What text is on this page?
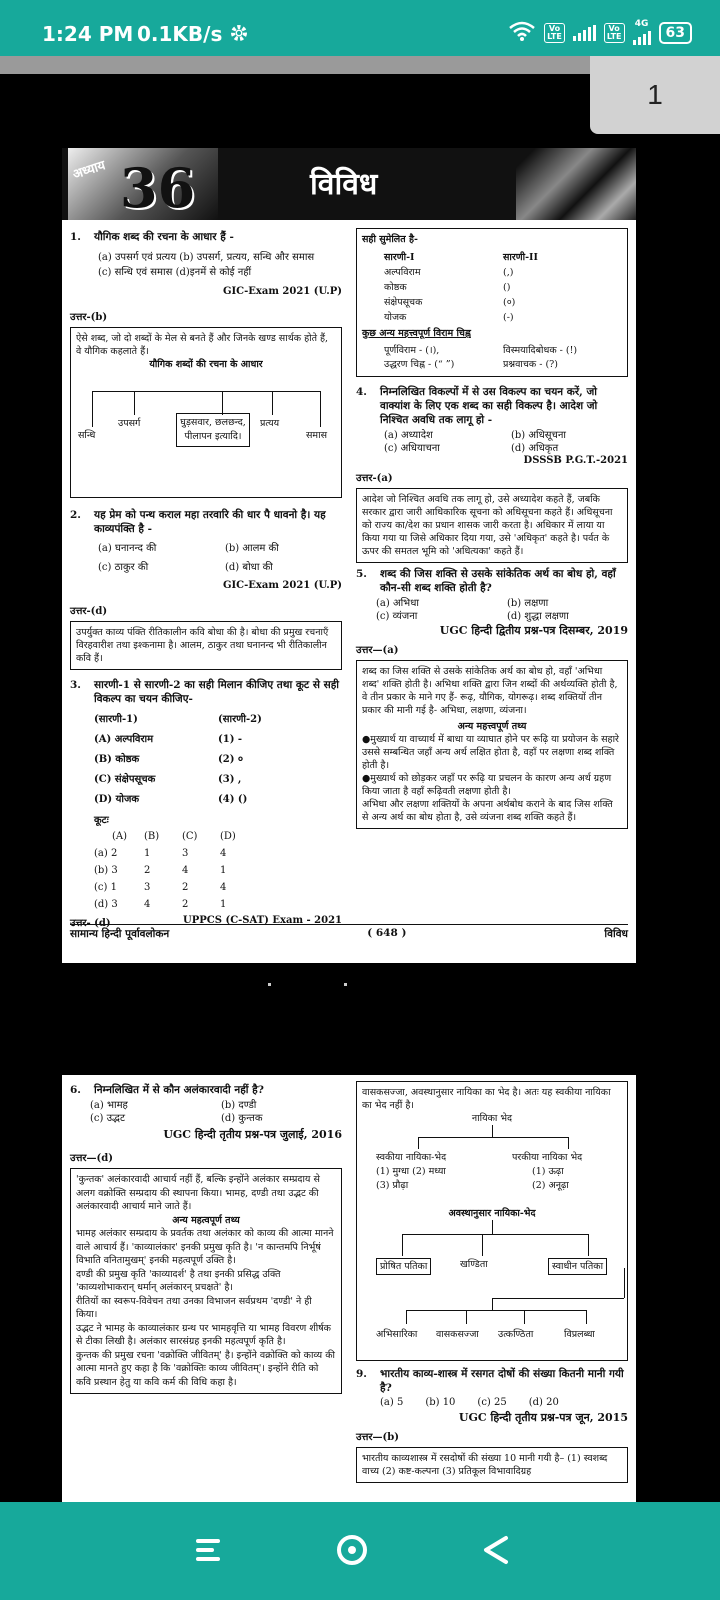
1:24 PM 0.1KB/s	Vo
LTE
Vo
LTE
4G
63
1
अध्याय 36	विविध
1. यौगिक शब्द की रचना के आधार हैं -
(a) उपसर्ग एवं प्रत्यय (b) उपसर्ग, प्रत्यय, सन्धि और समास
(c) सन्धि एवं समास (d)इनमें से कोई नहीं
GIC-Exam 2021 (U.P)
उत्तर-(b)
ऐसे शब्द, जो दो शब्दों के मेल से बनते हैं और जिनके खण्ड सार्थक होते हैं, वे यौगिक कहलाते हैं।
यौगिक शब्दों की रचना के आधार
सन्धि
उपसर्ग	घुड़सवार, छलछन्द, पीलापन इत्यादि।
प्रत्यय
समास
2. यह प्रेम को पन्थ कराल महा तरवारि की धार पै धावनो है। यह काव्यपंक्ति है -
(a) घनानन्द की	(b) आलम की
(c) ठाकुर की	(d) बोधा की
GIC-Exam 2021 (U.P)
उत्तर-(d)
उपर्युक्त काव्य पंक्ति रीतिकालीन कवि बोधा की है। बोधा की प्रमुख रचनाएँ विरहवारीश तथा इश्कनामा है। आलम, ठाकुर तथा घनानन्द भी रीतिकालीन कवि हैं।
3. सारणी-1 से सारणी-2 का सही मिलान कीजिए तथा कूट से सही विकल्प का चयन कीजिए-
(सारणी-1)	(सारणी-2)
(A) अल्पविराम	(1) -
(B) कोष्ठक	(2) ०
(C) संक्षेपसूचक	(3) ,
(D) योजक	(4) ()
कूटः
(A)	(B)	(C)	(D)
(a) 2	1	3	4
(b) 3	2	4	1
(c) 1	3	2	4
(d) 3	4	2	1
उत्तर- (d)	UPPCS (C-SAT) Exam - 2021
सही सुमेलित है-
सारणी-I	सारणी-II
अल्पविराम	(,)
कोष्ठक	()
संक्षेपसूचक	(०)
योजक	(-)
कुछ अन्य महत्त्वपूर्ण विराम चिह्न
पूर्णविराम - (।),	विस्मयादिबोधक - (!)
उद्धरण चिह्न - (“ ”)	प्रश्नवाचक - (?)
4. निम्नलिखित विकल्पों में से उस विकल्प का चयन करें, जो वाक्यांश के लिए एक शब्द का सही विकल्प है। आदेश जो निश्चित अवधि तक लागू हो -
(a) अध्यादेश	(b) अधिसूचना
(c) अधियाचना	(d) अधिकृत
DSSSB P.G.T.-2021
उत्तर-(a)
आदेश जो निश्चित अवधि तक लागू हो, उसे अध्यादेश कहते हैं, जबकि सरकार द्वारा जारी आधिकारिक सूचना को अधिसूचना कहते हैं। अधिसूचना को राज्य का/देश का प्रधान शासक जारी करता है। अधिकार में लाया या किया गया या जिसे अधिकार दिया गया, उसे 'अधिकृत' कहते है। पर्वत के ऊपर की समतल भूमि को 'अधित्यका' कहते हैं।
5. शब्द की जिस शक्ति से उसके सांकेतिक अर्थ का बोध हो, वहाँ कौन-सी शब्द शक्ति होती है?
(a) अभिधा	(b) लक्षणा
(c) व्यंजना	(d) शुद्धा लक्षणा
UGC हिन्दी द्वितीय प्रश्न-पत्र दिसम्बर, 2019
उत्तर—(a)
शब्द का जिस शक्ति से उसके सांकेतिक अर्थ का बोध हो, वहाँ 'अभिधा शब्द' शक्ति होती है। अभिधा शक्ति द्वारा जिन शब्दों की अर्थव्यक्ति होती है, वे तीन प्रकार के माने गए हैं- रूढ़, यौगिक, योगरूढ़। शब्द शक्तियों तीन प्रकार की मानी गई है- अभिधा, लक्षणा, व्यंजना।
अन्य महत्त्वपूर्ण तथ्य
●मुख्यार्थ या वाच्यार्थ में बाधा या व्याघात होने पर रूढ़ि या प्रयोजन के सहारे उससे सम्बन्धित जहाँ अन्य अर्थ लक्षित होता है, वहाँ पर लक्षणा शब्द शक्ति होती है।
●मुख्यार्थ को छोड़कर जहाँ पर रूढ़ि या प्रचलन के कारण अन्य अर्थ ग्रहण किया जाता है वहाँ रूढ़िवती लक्षणा होती है।
अभिधा और लक्षणा शक्तियों के अपना अर्थबोध कराने के बाद जिस शक्ति से अन्य अर्थ का बोध होता है, उसे व्यंजना शब्द शक्ति कहते हैं।
सामान्य हिन्दी पूर्वावलोकन	( 648 )	विविध
6. निम्नलिखित में से कौन अलंकारवादी नहीं है?
(a) भामह	(b) दण्डी
(c) उद्भट	(d) कुन्तक
UGC हिन्दी तृतीय प्रश्न-पत्र जुलाई, 2016
उत्तर—(d)
'कुन्तक' अलंकारवादी आचार्य नहीं हैं, बल्कि इन्होंने अलंकार सम्प्रदाय से अलग वक्रोक्ति सम्प्रदाय की स्थापना किया। भामह, दण्डी तथा उद्भट की अलंकारवादी आचार्य माने जाते हैं।
अन्य महत्वपूर्ण तथ्य
भामह अलंकार सम्प्रदाय के प्रवर्तक तथा अलंकार को काव्य की आत्मा मानने वाले आचार्य हैं। 'काव्यालंकार' इनकी प्रमुख कृति है। 'न कान्तमपि निर्भूषं विभाति वनितामुखम्' इनकी महत्वपूर्ण उक्ति है।
दण्डी की प्रमुख कृति 'काव्यादर्श' है तथा इनकी प्रसिद्ध उक्ति 'काव्यशोभाकरान् धर्मान् अलंकारन् प्रचक्षते' है।
रीतियों का स्वरूप-विवेचन तथा उनका विभाजन सर्वप्रथम 'दण्डी' ने ही किया।
उद्भट ने भामह के काव्यालंकार ग्रन्थ पर भामहवृत्ति या भामह विवरण शीर्षक से टीका लिखी है। अलंकार सारसंग्रह इनकी महत्वपूर्ण कृति है।
कुन्तक की प्रमुख रचना 'वक्रोक्ति जीवितम्' है। इन्होंने वक्रोक्ति को काव्य की आत्मा मानते हुए कहा है कि 'वक्रोक्तिः काव्य जीवितम्'। इन्होंने रीति को कवि प्रस्थान हेतु या कवि कर्म की विधि कहा है।
वासकसज्जा, अवस्थानुसार नायिका का भेद है। अतः यह स्वकीया नायिका का भेद नहीं है।
नायिका भेद
स्वकीया नायिका-भेद
(1) मुग्धा (2) मध्या
(3) प्रौढ़ा
परकीया नायिका भेद
(1) ऊढ़ा
(2) अनूढ़ा
अवस्थानुसार नायिका-भेद
प्रोषित पतिका	खण्डिता	स्वाधीन पतिका
अभिसारिका वासकसज्जा उत्कण्ठिता	विप्रलब्धा
9. भारतीय काव्य-शास्त्र में रसगत दोषों की संख्या कितनी मानी गयी है?
(a) 5 (b) 10 (c) 25 (d) 20
UGC हिन्दी तृतीय प्रश्न-पत्र जून, 2015
उत्तर—(b)
भारतीय काव्यशास्त्र में रसदोषों की संख्या 10 मानी गयी है– (1) स्वशब्द वाच्य (2) कष्ट-कल्पना (3) प्रतिकूल विभावादिग्रह
